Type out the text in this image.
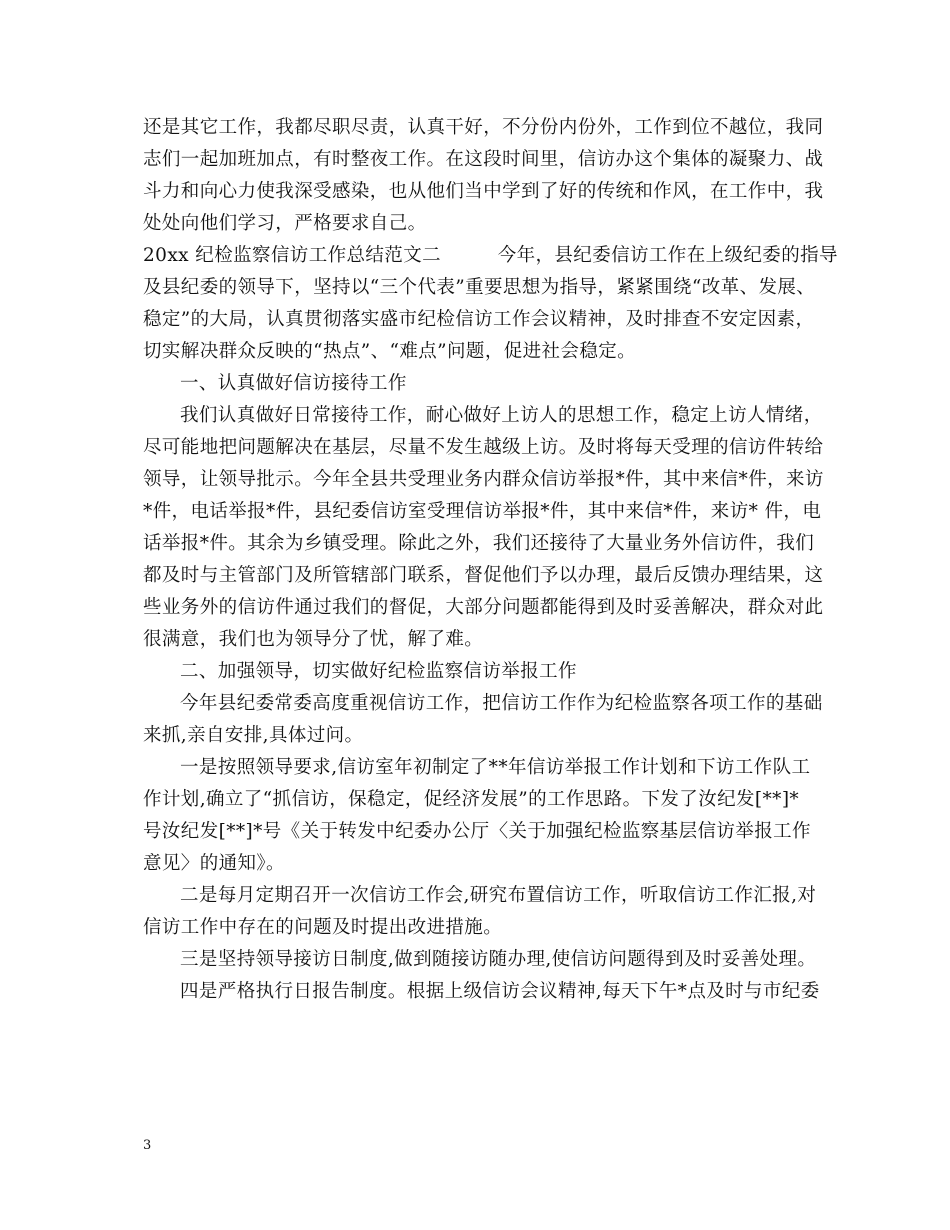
还是其它工作，我都尽职尽责，认真干好，不分份内份外，工作到位不越位，我同
志们一起加班加点，有时整夜工作。在这段时间里，信访办这个集体的凝聚力、战
斗力和向心力使我深受感染，也从他们当中学到了好的传统和作风，在工作中，我
处处向他们学习，严格要求自己。
20xx 纪检监察信访工作总结范文二　　　今年，县纪委信访工作在上级纪委的指导
及县纪委的领导下，坚持以“三个代表”重要思想为指导，紧紧围绕“改革、发展、
稳定”的大局，认真贯彻落实盛市纪检信访工作会议精神，及时排查不安定因素，
切实解决群众反映的“热点”、“难点”问题，促进社会稳定。
一、认真做好信访接待工作
我们认真做好日常接待工作，耐心做好上访人的思想工作，稳定上访人情绪，
尽可能地把问题解决在基层，尽量不发生越级上访。及时将每天受理的信访件转给
领导，让领导批示。今年全县共受理业务内群众信访举报*件，其中来信*件，来访
*件，电话举报*件，县纪委信访室受理信访举报*件，其中来信*件，来访* 件，电
话举报*件。其余为乡镇受理。除此之外，我们还接待了大量业务外信访件，我们
都及时与主管部门及所管辖部门联系，督促他们予以办理，最后反馈办理结果，这
些业务外的信访件通过我们的督促，大部分问题都能得到及时妥善解决，群众对此
很满意，我们也为领导分了忧，解了难。
二、加强领导，切实做好纪检监察信访举报工作
今年县纪委常委高度重视信访工作，把信访工作作为纪检监察各项工作的基础
来抓,亲自安排,具体过问。
一是按照领导要求,信访室年初制定了**年信访举报工作计划和下访工作队工
作计划,确立了“抓信访，保稳定，促经济发展”的工作思路。下发了汝纪发[**]*
号汝纪发[**]*号《关于转发中纪委办公厅〈关于加强纪检监察基层信访举报工作
意见〉的通知》。
二是每月定期召开一次信访工作会,研究布置信访工作，听取信访工作汇报,对
信访工作中存在的问题及时提出改进措施。
三是坚持领导接访日制度,做到随接访随办理,使信访问题得到及时妥善处理。
四是严格执行日报告制度。根据上级信访会议精神,每天下午*点及时与市纪委
3
